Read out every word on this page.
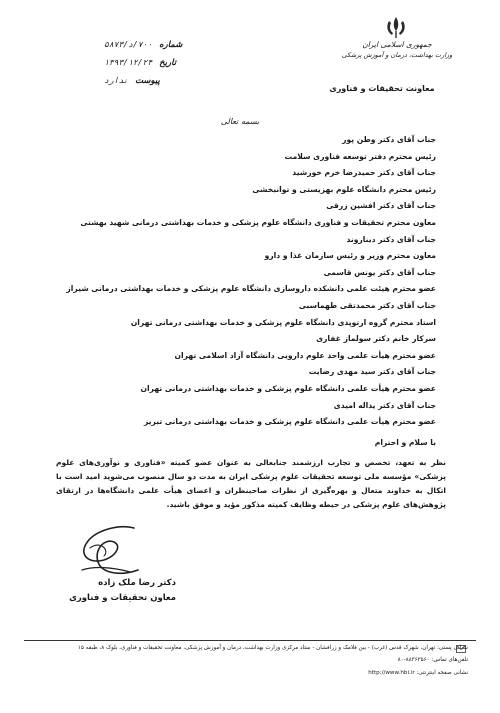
جمهوری اسلامی ایران
وزارت بهداشت، درمان و آموزش پزشکی
معاونت تحقیقات و فناوری
شماره ۷۰۰/د/۵۸۷۳
تاریخ ۱۳۹۳/۱۲/۲۴
پیوست ندارد
بسمه تعالی
جناب آقای دکتر وطن پور
رئیس محترم دفتر توسعه فناوری سلامت
جناب آقای دکتر حمیدرضا خرم خورشید
رئیس محترم دانشگاه علوم بهزیستی و توانبخشی
جناب آقای دکتر افشین زرقی
معاون محترم تحقیقات و فناوری دانشگاه علوم پزشکی و خدمات بهداشتی درمانی شهید بهشتی
جناب آقای دکتر دیناروند
معاون محترم وزیر و رئیس سازمان غذا و دارو
جناب آقای دکتر یونس قاسمی
عضو محترم هیئت علمی دانشکده داروسازی دانشگاه علوم پزشکی و خدمات بهداشتی درمانی شیراز
جناب آقای دکتر محمدتقی طهماسبی
استاد محترم گروه ارتوپدی دانشگاه علوم پزشکی و خدمات بهداشتی درمانی تهران
سرکار خانم دکتر سولماز غفاری
عضو محترم هیأت علمی واحد علوم دارویی دانشگاه آزاد اسلامی تهران
جناب آقای دکتر سید مهدی رضایت
عضو محترم هیأت علمی دانشگاه علوم پزشکی و خدمات بهداشتی درمانی تهران
جناب آقای دکتر یداله امیدی
عضو محترم هیأت علمی دانشگاه علوم پزشکی و خدمات بهداشتی درمانی تبریز
با سلام و احترام
نظر به تعهد، تخصص و تجارب ارزشمند جنابعالی به عنوان عضو کمیته «فناوری و نوآوری‌های علوم پزشکی» مؤسسه ملی توسعه تحقیقات علوم پزشکی ایران به مدت دو سال منصوب می‌شوید امید است با اتکال به خداوند متعال و بهره‌گیری از نظرات صاحبنظران و اعضای هیأت علمی دانشگاه‌ها در ارتقای پژوهش‌های علوم پزشکی در حیطه وظایف کمیته مذکور مؤید و موفق باشید.
دکتر رضا ملک زاده
معاون تحقیقات و فناوری
نشانی پستی: تهران، شهرک قدس (غرب) - بین فلامک و زرافشان - ستاد مرکزی وزارت بهداشت، درمان و آموزش پزشکی، معاونت تحقیقات و فناوری، بلوک ۸، طبقه ۱۵
تلفن‌های تماس: ۸۸۳۶۳۵۶۰-۸۰
نشانی صفحه اینترنتی: http://www.hbi.ir
